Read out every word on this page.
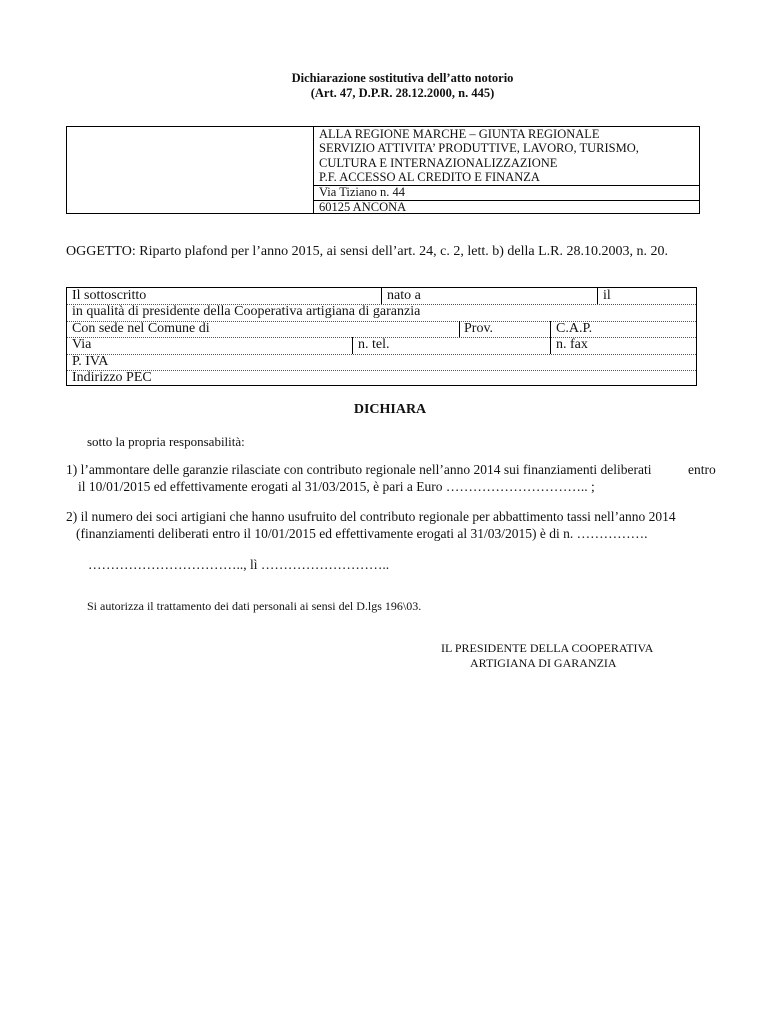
Dichiarazione sostitutiva dell’atto notorio
(Art. 47, D.P.R. 28.12.2000, n. 445)
ALLA REGIONE MARCHE – GIUNTA REGIONALE
SERVIZIO ATTIVITA’ PRODUTTIVE, LAVORO, TURISMO,
CULTURA E INTERNAZIONALIZZAZIONE
P.F. ACCESSO AL CREDITO E FINANZA
Via Tiziano n. 44
60125 ANCONA
OGGETTO: Riparto plafond per l’anno 2015, ai sensi dell’art. 24, c. 2, lett. b) della L.R. 28.10.2003, n. 20.
Il sottoscritto	nato a	il
in qualità di presidente della Cooperativa artigiana di garanzia
Con sede nel Comune di	Prov.	C.A.P.
Via	n. tel.	n. fax
P. IVA
Indirizzo PEC
DICHIARA
sotto la propria responsabilità:
1) l’ammontare delle garanzie rilasciate con contributo regionale nell’anno 2014 sui finanziamenti deliberati	entro
il 10/01/2015 ed effettivamente erogati al 31/03/2015, è pari a Euro ………………………….. ;
2) il numero dei soci artigiani che hanno usufruito del contributo regionale per abbattimento tassi nell’anno 2014
(finanziamenti deliberati entro il 10/01/2015 ed effettivamente erogati al 31/03/2015) è di n. …………….
…………………………….., lì ………………………..
Si autorizza il trattamento dei dati personali ai sensi del D.lgs 196\03.
IL PRESIDENTE DELLA COOPERATIVA
ARTIGIANA DI GARANZIA
